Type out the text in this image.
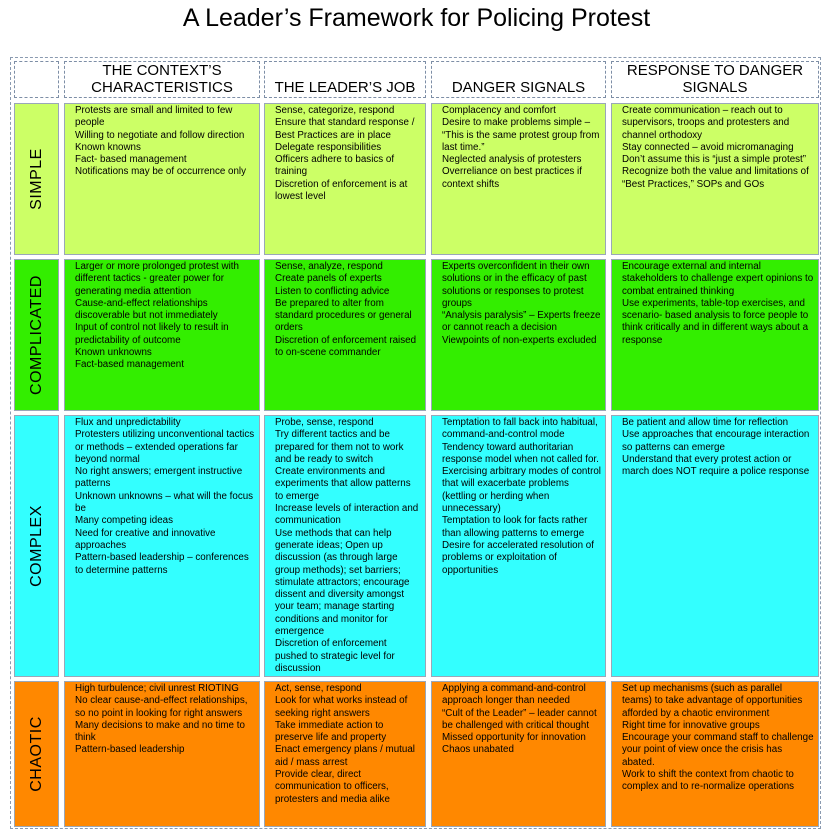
A Leader’s Framework for Policing Protest
THE CONTEXT’S CHARACTERISTICS	THE LEADER’S JOB	DANGER SIGNALS
RESPONSE TO DANGER SIGNALS
SIMPLE
Protests are small and limited to few people
Willing to negotiate and follow direction
Known knowns
Fact- based management
Notifications may be of occurrence only
Sense, categorize, respond
Ensure that standard response / Best Practices are in place
Delegate responsibilities
Officers adhere to basics of training
Discretion of enforcement is at lowest level
Complacency and comfort
Desire to make problems simple – “This is the same protest group from last time.”
Neglected analysis of protesters
Overreliance on best practices if context shifts
Create communication – reach out to supervisors, troops and protesters and channel orthodoxy
Stay connected – avoid micromanaging
Don’t assume this is “just a simple protest”
Recognize both the value and limitations of “Best Practices,” SOPs and GOs
COMPLICATED
Larger or more prolonged protest with different tactics - greater power for generating media attention
Cause-and-effect relationships discoverable but not immediately
Input of control not likely to result in predictability of outcome
Known unknowns
Fact-based management
Sense, analyze, respond
Create panels of experts
Listen to conflicting advice
Be prepared to alter from standard procedures or general orders
Discretion of enforcement raised to on-scene commander
Experts overconfident in their own solutions or in the efficacy of past solutions or responses to protest groups
“Analysis paralysis” – Experts freeze or cannot reach a decision
Viewpoints of non-experts excluded
Encourage external and internal stakeholders to challenge expert opinions to combat entrained thinking
Use experiments, table-top exercises, and scenario- based analysis to force people to think critically and in different ways about a response
COMPLEX
Flux and unpredictability
Protesters utilizing unconventional tactics or methods – extended operations far beyond normal
No right answers; emergent instructive patterns
Unknown unknowns – what will the focus be
Many competing ideas
Need for creative and innovative approaches
Pattern-based leadership – conferences to determine patterns
Probe, sense, respond
Try different tactics and be prepared for them not to work and be ready to switch
Create environments and experiments that allow patterns to emerge
Increase levels of interaction and communication
Use methods that can help generate ideas; Open up discussion (as through large group methods); set barriers; stimulate attractors; encourage dissent and diversity amongst your team; manage starting conditions and monitor for emergence
Discretion of enforcement pushed to strategic level for discussion
Temptation to fall back into habitual, command-and-control mode
Tendency toward authoritarian response model when not called for.
Exercising arbitrary modes of control that will exacerbate problems (kettling or herding when unnecessary)
Temptation to look for facts rather than allowing patterns to emerge
Desire for accelerated resolution of problems or exploitation of opportunities
Be patient and allow time for reflection
Use approaches that encourage interaction so patterns can emerge
Understand that every protest action or march does NOT require a police response
CHAOTIC
High turbulence; civil unrest RIOTING
No clear cause-and-effect relationships, so no point in looking for right answers
Many decisions to make and no time to think
Pattern-based leadership
Act, sense, respond
Look for what works instead of seeking right answers
Take immediate action to preserve life and property
Enact emergency plans / mutual aid / mass arrest
Provide clear, direct communication to officers, protesters and media alike
Applying a command-and-control approach longer than needed
“Cult of the Leader” – leader cannot be challenged with critical thought
Missed opportunity for innovation
Chaos unabated
Set up mechanisms (such as parallel teams) to take advantage of opportunities afforded by a chaotic environment
Right time for innovative groups
Encourage your command staff to challenge your point of view once the crisis has abated.
Work to shift the context from chaotic to complex and to re-normalize operations
